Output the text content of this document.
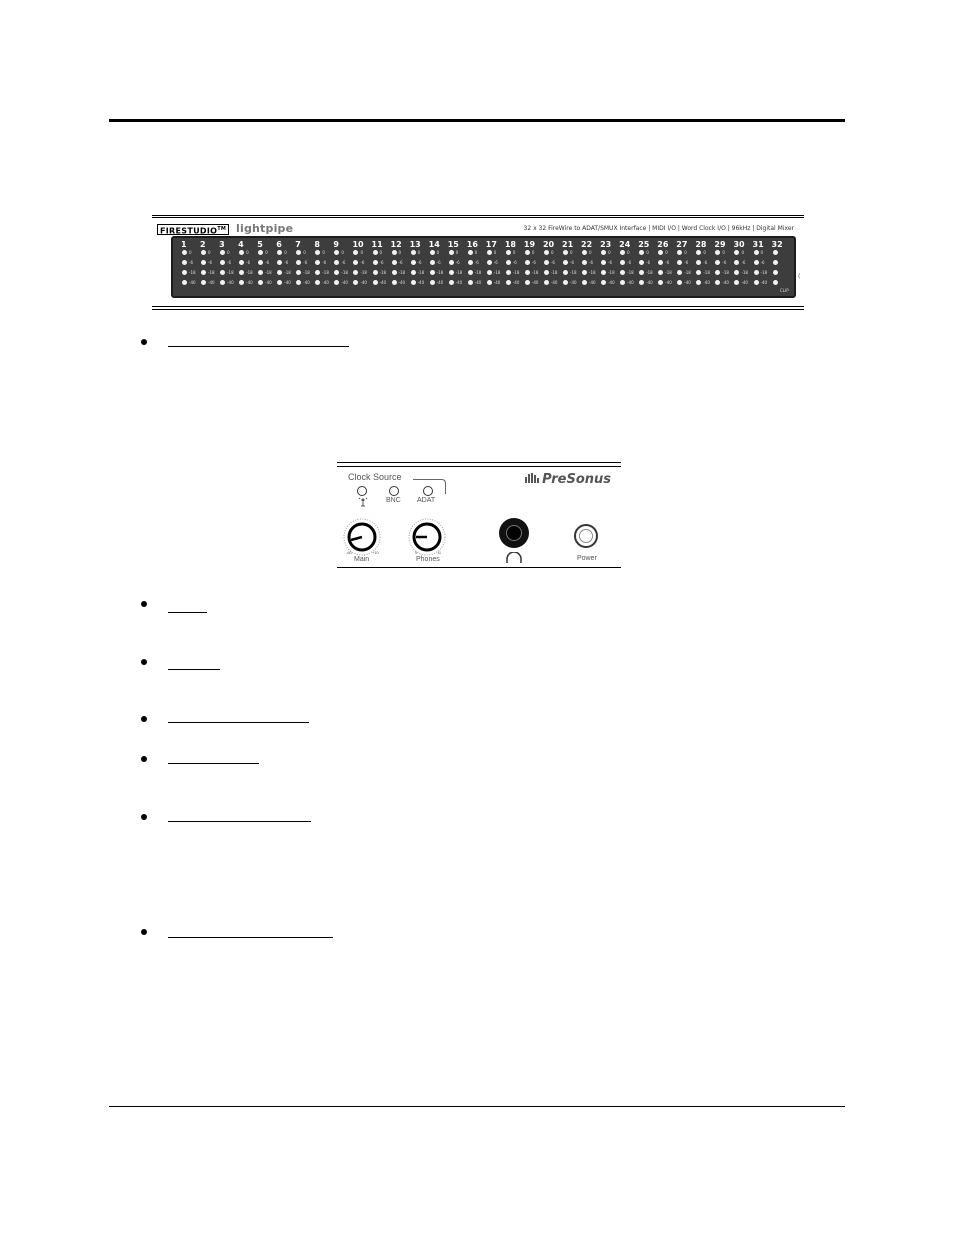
FIRESTUDIO™ lightpipe	32 x 32 FireWire to ADAT/SMUX Interface | MIDI I/O | Word Clock I/O | 96kHz | Digital Mixer
1
0
-6
-18
-40
2
0
-6
-18
-40
3
0
-6
-18
-40
4
0
-6
-18
-40
5
0
-6
-18
-40
6
0
-6
-18
-40
7
0
-6
-18
-40
8
0
-6
-18
-40
9
0
-6
-18
-40
10
0
-6
-18
-40
11
0
-6
-18
-40
12
0
-6
-18
-40
13
0
-6
-18
-40
14
0
-6
-18
-40
15
0
-6
-18
-40
16
0
-6
-18
-40
17
0
-6
-18
-40
18
0
-6
-18
-40
19
0
-6
-18
-40
20
0
-6
-18
-40
21
0
-6
-18
-40
22
0
-6
-18
-40
23
0
-6
-18
-40
24
0
-6
-18
-40
25
0
-6
-18
-40
26
0
-6
-18
-40
27
0
-6
-18
-40
28
0
-6
-18
-40
29
0
-6
-18
-40
30
0
-6
-18
-40
31
0
-6
-18
-40
32
CLIP
(
Clock Source
BNC ADAT
PreSonus
-80	+10
Main
0	11
Phones	Power
